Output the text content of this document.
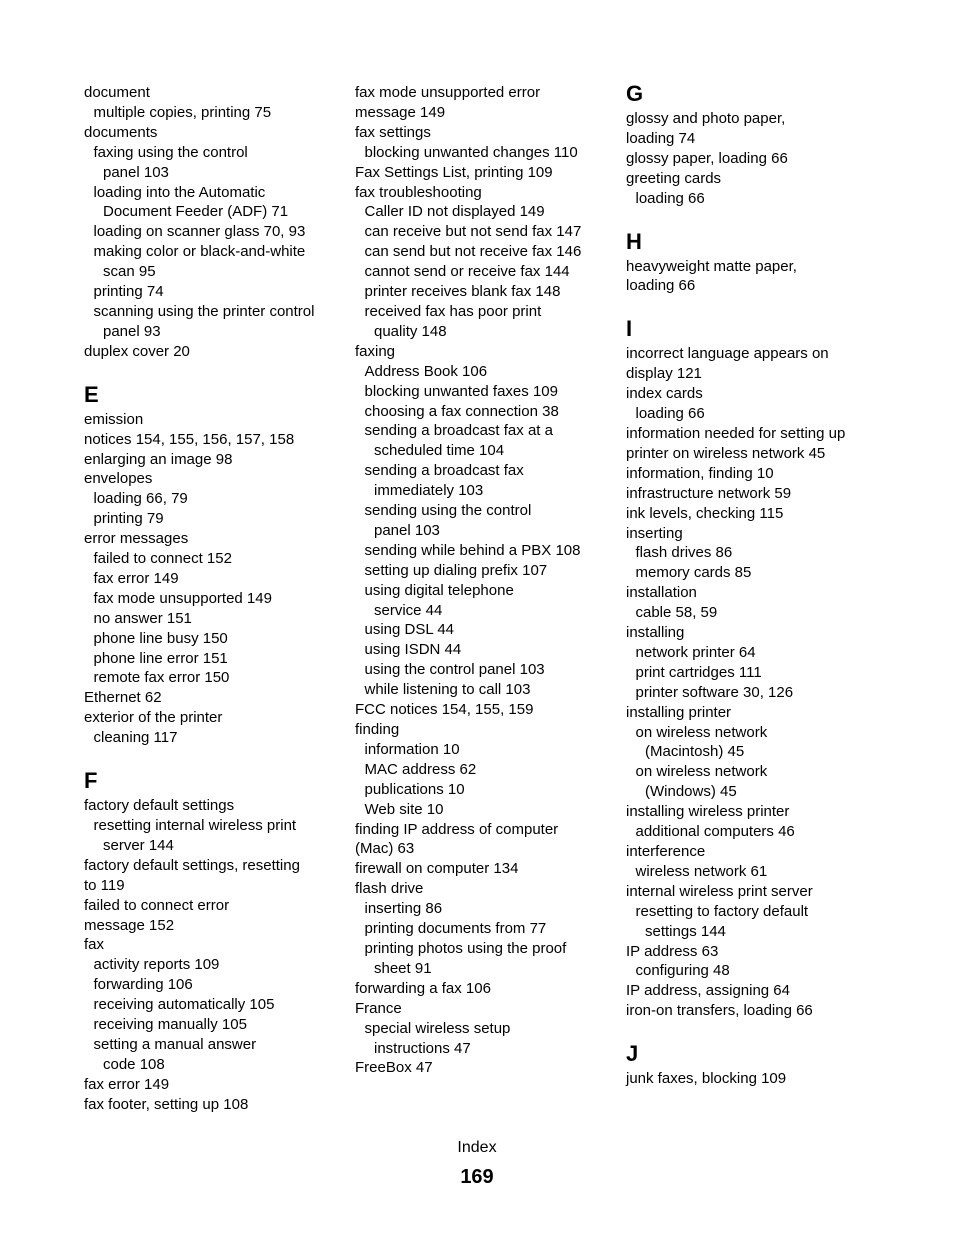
document
multiple copies, printing 75
documents
faxing using the control
panel 103
loading into the Automatic
Document Feeder (ADF) 71
loading on scanner glass 70, 93
making color or black-and-white
scan 95
printing 74
scanning using the printer control
panel 93
duplex cover 20
E
emission
notices 154, 155, 156, 157, 158
enlarging an image 98
envelopes
loading 66, 79
printing 79
error messages
failed to connect 152
fax error 149
fax mode unsupported 149
no answer 151
phone line busy 150
phone line error 151
remote fax error 150
Ethernet 62
exterior of the printer
cleaning 117
F
factory default settings
resetting internal wireless print
server 144
factory default settings, resetting
to 119
failed to connect error
message 152
fax
activity reports 109
forwarding 106
receiving automatically 105
receiving manually 105
setting a manual answer
code 108
fax error 149
fax footer, setting up 108
fax mode unsupported error
message 149
fax settings
blocking unwanted changes 110
Fax Settings List, printing 109
fax troubleshooting
Caller ID not displayed 149
can receive but not send fax 147
can send but not receive fax 146
cannot send or receive fax 144
printer receives blank fax 148
received fax has poor print
quality 148
faxing
Address Book 106
blocking unwanted faxes 109
choosing a fax connection 38
sending a broadcast fax at a
scheduled time 104
sending a broadcast fax
immediately 103
sending using the control
panel 103
sending while behind a PBX 108
setting up dialing prefix 107
using digital telephone
service 44
using DSL 44
using ISDN 44
using the control panel 103
while listening to call 103
FCC notices 154, 155, 159
finding
information 10
MAC address 62
publications 10
Web site 10
finding IP address of computer
(Mac) 63
firewall on computer 134
flash drive
inserting 86
printing documents from 77
printing photos using the proof
sheet 91
forwarding a fax 106
France
special wireless setup
instructions 47
FreeBox 47
G
glossy and photo paper,
loading 74
glossy paper, loading 66
greeting cards
loading 66
H
heavyweight matte paper,
loading 66
I
incorrect language appears on
display 121
index cards
loading 66
information needed for setting up
printer on wireless network 45
information, finding 10
infrastructure network 59
ink levels, checking 115
inserting
flash drives 86
memory cards 85
installation
cable 58, 59
installing
network printer 64
print cartridges 111
printer software 30, 126
installing printer
on wireless network
(Macintosh) 45
on wireless network
(Windows) 45
installing wireless printer
additional computers 46
interference
wireless network 61
internal wireless print server
resetting to factory default
settings 144
IP address 63
configuring 48
IP address, assigning 64
iron-on transfers, loading 66
J
junk faxes, blocking 109
Index
169
